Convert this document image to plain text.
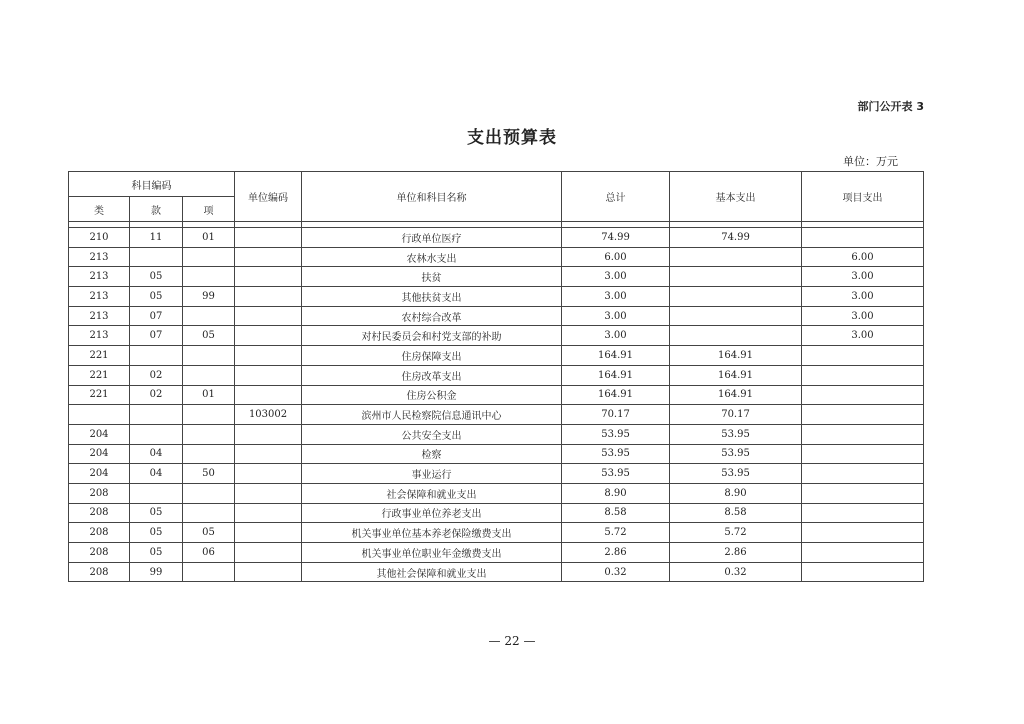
部门公开表 3
支出预算表
单位：万元
科目编码			单位编码	单位和科目名称	总计	基本支出	项目支出
类	款	项					

210	11	01		行政单位医疗	74.99	74.99	
213				农林水支出	6.00		6.00
213	05			扶贫	3.00		3.00
213	05	99		其他扶贫支出	3.00		3.00
213	07			农村综合改革	3.00		3.00
213	07	05		对村民委员会和村党支部的补助	3.00		3.00
221				住房保障支出	164.91	164.91	
221	02			住房改革支出	164.91	164.91	
221	02	01		住房公积金	164.91	164.91	
			103002	滨州市人民检察院信息通讯中心	70.17	70.17	
204				公共安全支出	53.95	53.95	
204	04			检察	53.95	53.95	
204	04	50		事业运行	53.95	53.95	
208				社会保障和就业支出	8.90	8.90	
208	05			行政事业单位养老支出	8.58	8.58	
208	05	05		机关事业单位基本养老保险缴费支出	5.72	5.72	
208	05	06		机关事业单位职业年金缴费支出	2.86	2.86	
208	99			其他社会保障和就业支出	0.32	0.32	
— 22 —
